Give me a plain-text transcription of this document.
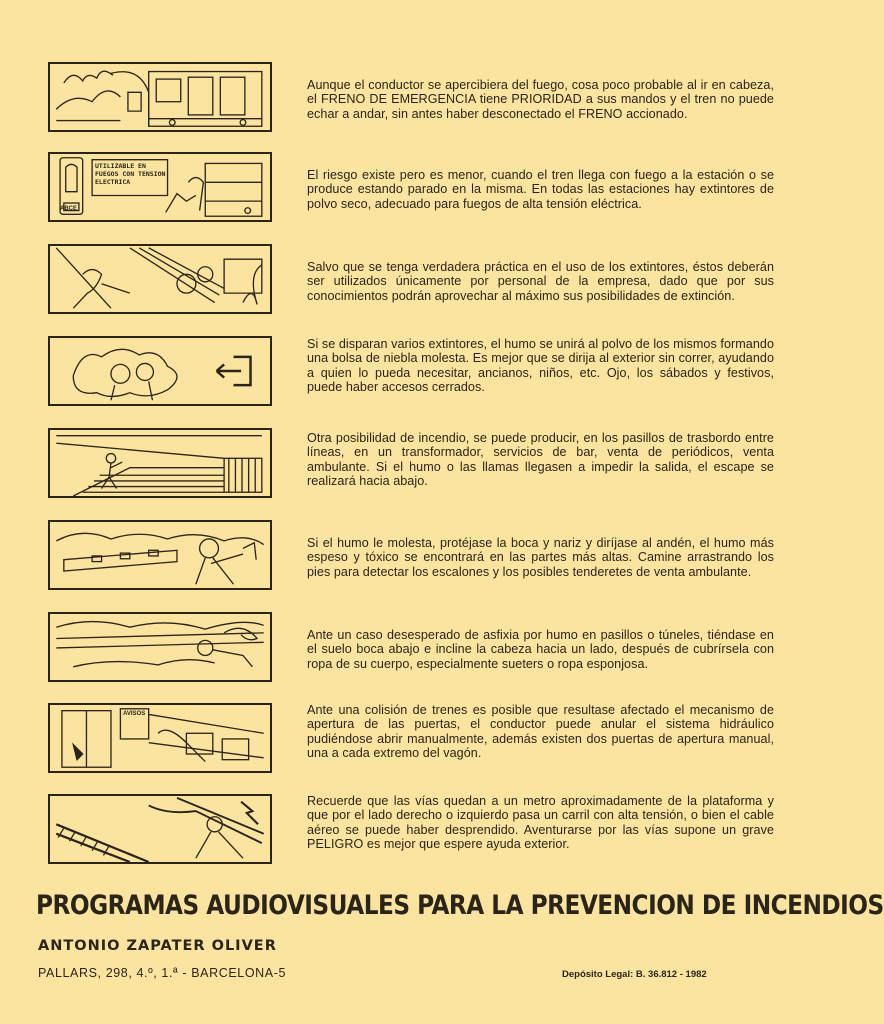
Aunque el conductor se apercibiera del fuego, cosa poco probable al ir en cabeza, el FRENO DE EMERGENCIA tiene PRIORIDAD a sus mandos y el tren no puede echar a andar, sin antes haber desconectado el FRENO accionado.
UTILIZABLE EN FUEGOS CON TENSION ELECTRICA
ABCE
El riesgo existe pero es menor, cuando el tren llega con fuego a la estación o se produce estando parado en la misma. En todas las estaciones hay extintores de polvo seco, adecuado para fuegos de alta tensión eléctrica.
Salvo que se tenga verdadera práctica en el uso de los extintores, éstos deberán ser utilizados únicamente por personal de la empresa, dado que por sus conocimientos podrán aprovechar al máximo sus posibilidades de extinción.
Si se disparan varios extintores, el humo se unirá al polvo de los mismos formando una bolsa de niebla molesta. Es mejor que se dirija al exterior sin correr, ayudando a quien lo pueda necesitar, ancianos, niños, etc. Ojo, los sábados y festivos, puede haber accesos cerrados.
Otra posibilidad de incendio, se puede producir, en los pasillos de trasbordo entre líneas, en un transformador, servicios de bar, venta de periódicos, venta ambulante. Si el humo o las llamas llegasen a impedir la salida, el escape se realizará hacia abajo.
Si el humo le molesta, protéjase la boca y nariz y diríjase al andén, el humo más espeso y tóxico se encontrará en las partes más altas. Camine arrastrando los pies para detectar los escalones y los posibles tenderetes de venta ambulante.
Ante un caso desesperado de asfixia por humo en pasillos o túneles, tiéndase en el suelo boca abajo e incline la cabeza hacia un lado, después de cubrírsela con ropa de su cuerpo, especialmente sueters o ropa esponjosa.
AVISOS	Ante una colisión de trenes es posible que resultase afectado el mecanismo de apertura de las puertas, el conductor puede anular el sistema hidráulico pudiéndose abrir manualmente, además existen dos puertas de apertura manual, una a cada extremo del vagón.
Recuerde que las vías quedan a un metro aproximadamente de la plataforma y que por el lado derecho o izquierdo pasa un carril con alta tensión, o bien el cable aéreo se puede haber desprendido. Aventurarse por las vías supone un grave PELIGRO es mejor que espere ayuda exterior.
PROGRAMAS AUDIOVISUALES PARA LA PREVENCION DE INCENDIOS
ANTONIO ZAPATER OLIVER
PALLARS, 298, 4.º, 1.ª - BARCELONA-5	Depósito Legal: B. 36.812 - 1982
